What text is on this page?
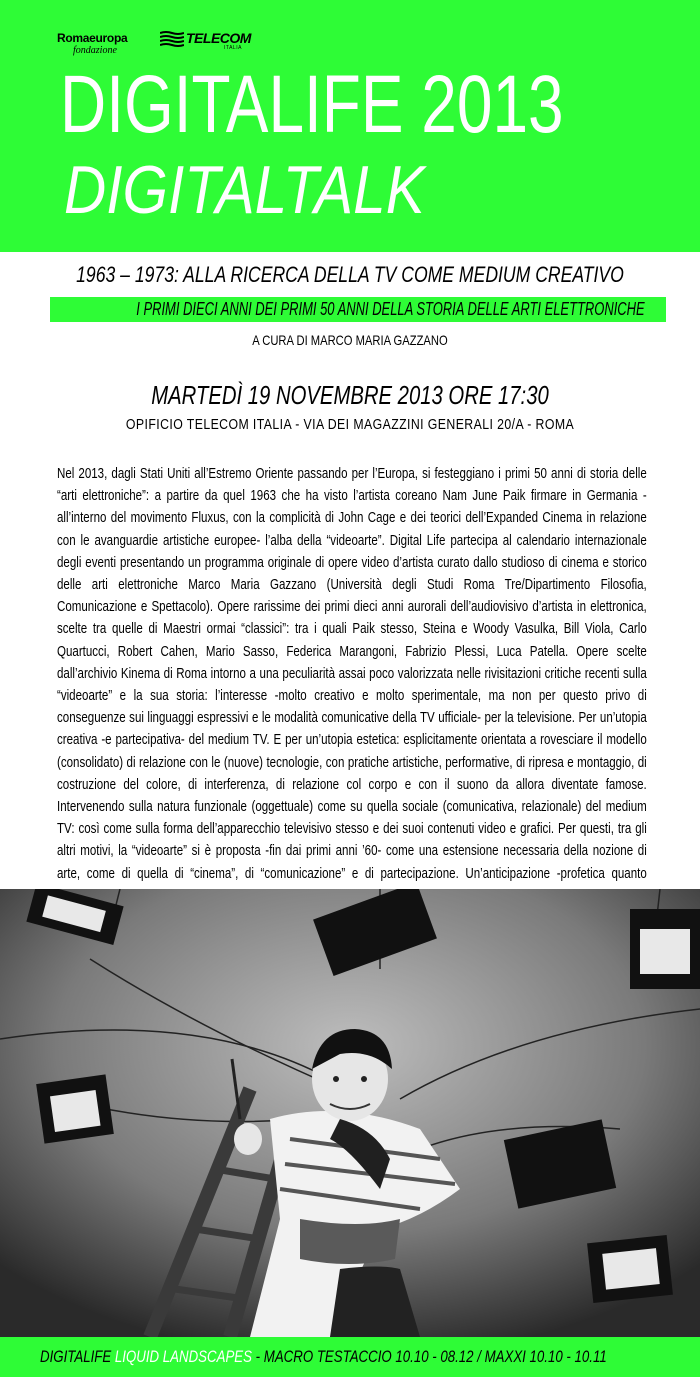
Romaeuropa
fondazione
TELECOM
ITALIA
DIGITALIFE 2013
DIGITALTALK
1963 – 1973: ALLA RICERCA DELLA TV COME MEDIUM CREATIVO
I PRIMI DIECI ANNI DEI PRIMI 50 ANNI DELLA STORIA DELLE ARTI ELETTRONICHE
A CURA DI MARCO MARIA GAZZANO
MARTEDÌ 19 NOVEMBRE 2013 ORE 17:30
OPIFICIO TELECOM ITALIA - VIA DEI MAGAZZINI GENERALI 20/A - ROMA

Nel 2013, dagli Stati Uniti all’Estremo Oriente passando per l’Europa, si festeggiano i primi 50 anni di storia delle “arti elettroniche”: a partire da quel 1963 che ha visto l’artista coreano Nam June Paik firmare in Germania -all’interno del movimento Fluxus, con la complicità di John Cage e dei teorici dell’Expanded Cinema in relazione con le avanguardie artistiche europee- l’alba della “videoarte”. Digital Life partecipa al calendario internazionale degli eventi presentando un programma originale di opere video d’artista curato dallo studioso di cinema e storico delle arti elettroniche Marco Maria Gazzano (Università degli Studi Roma Tre/Dipartimento Filosofia, Comunicazione e Spettacolo). Opere rarissime dei primi dieci anni aurorali dell’audiovisivo d’artista in elettronica, scelte tra quelle di Maestri ormai “classici”: tra i quali Paik stesso, Steina e Woody Vasulka, Bill Viola, Carlo Quartucci, Robert Cahen, Mario Sasso, Federica Marangoni, Fabrizio Plessi, Luca Patella. Opere scelte dall’archivio Kinema di Roma intorno a una peculiarità assai poco valorizzata nelle rivisitazioni critiche recenti sulla “videoarte” e la sua storia: l’interesse -molto creativo e molto sperimentale, ma non per questo privo di conseguenze sui linguaggi espressivi e le modalità comunicative della TV ufficiale- per la televisione. Per un’utopia creativa -e partecipativa- del medium TV. E per un’utopia estetica: esplicitamente orientata a rovesciare il modello (consolidato) di relazione con le (nuove) tecnologie, con pratiche artistiche, performative, di ripresa e montaggio, di costruzione del colore, di interferenza, di relazione col corpo e con il suono da allora diventate famose. Intervenendo sulla natura funzionale (oggettuale) come su quella sociale (comunicativa, relazionale) del medium TV: così come sulla forma dell’apparecchio televisivo stesso e dei suoi contenuti video e grafici. Per questi, tra gli altri motivi, la “videoarte” si è proposta -fin dai primi anni ’60- come una estensione necessaria della nozione di arte, come di quella di “cinema”, di “comunicazione” e di partecipazione. Un’anticipazione -profetica quanto

DIGITALIFE LIQUID LANDSCAPES - MACRO TESTACCIO 10.10 - 08.12 / MAXXI 10.10 - 10.11
